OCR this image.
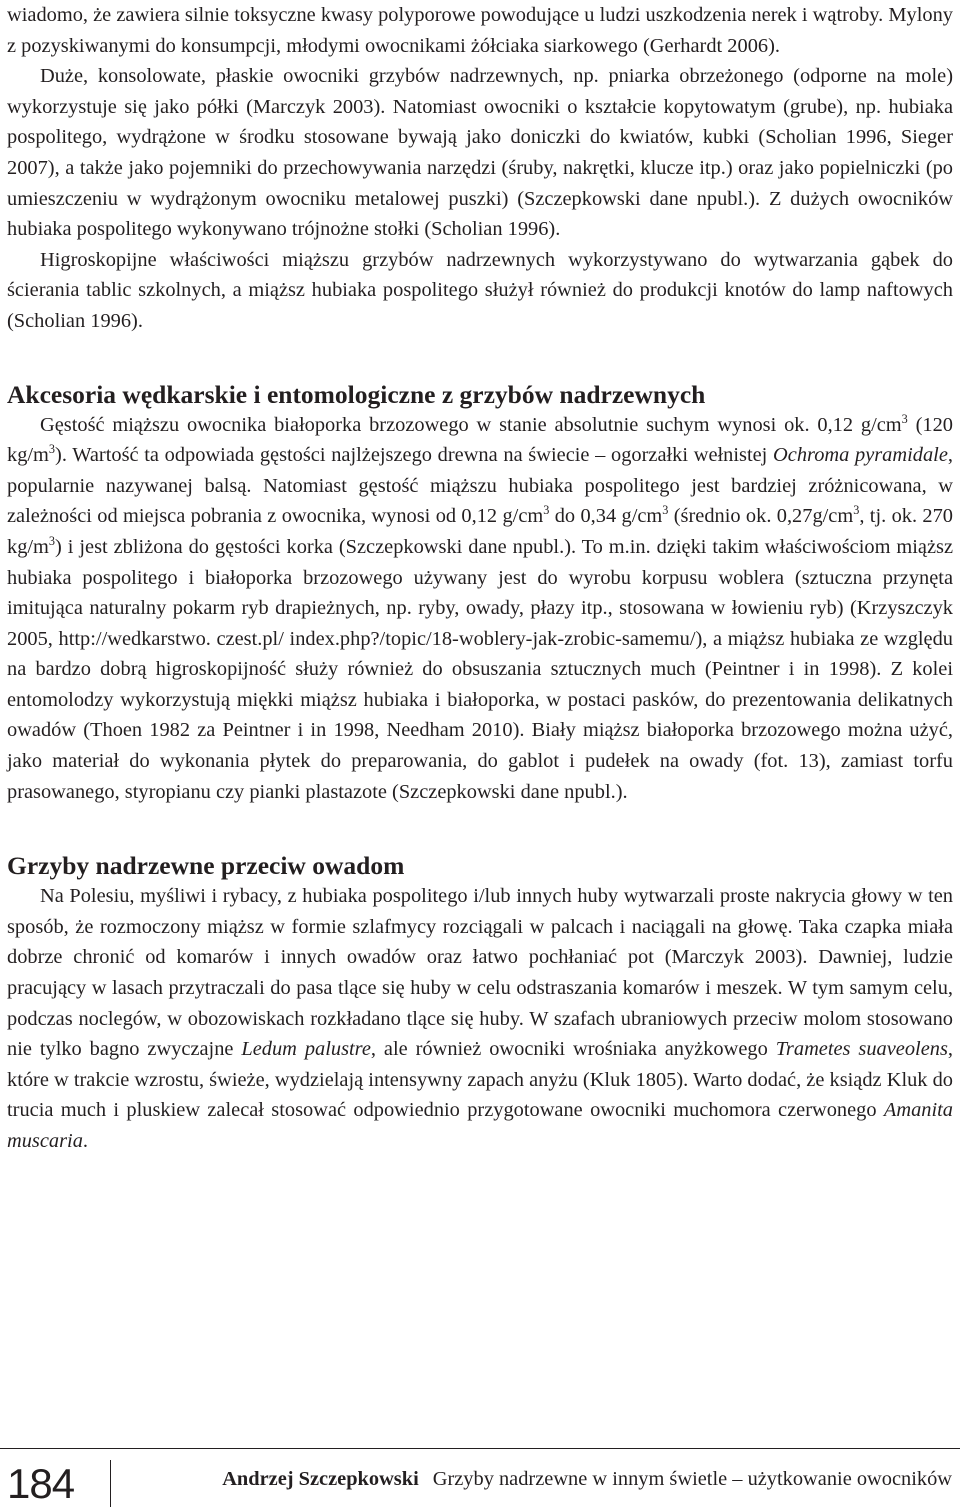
wiadomo, że zawiera silnie toksyczne kwasy polyporowe powodujące u ludzi uszkodzenia nerek i wątroby. Mylony z pozyskiwanymi do konsumpcji, młodymi owocnikami żółciaka siarkowego (Gerhardt 2006).

Duże, konsolowate, płaskie owocniki grzybów nadrzewnych, np. pniarka obrzeżonego (odporne na mole) wykorzystuje się jako półki (Marczyk 2003). Natomiast owocniki o kształcie kopytowatym (grube), np. hubiaka pospolitego, wydrążone w środku stosowane bywają jako doniczki do kwiatów, kubki (Scholian 1996, Sieger 2007), a także jako pojemniki do przechowywania narzędzi (śruby, nakrętki, klucze itp.) oraz jako popielniczki (po umieszczeniu w wydrążonym owocniku metalowej puszki) (Szczepkowski dane npubl.). Z dużych owocników hubiaka pospolitego wykonywano trójnożne stołki (Scholian 1996).

Higroskopijne właściwości miąższu grzybów nadrzewnych wykorzystywano do wytwarzania gąbek do ścierania tablic szkolnych, a miąższ hubiaka pospolitego służył również do produkcji knotów do lamp naftowych (Scholian 1996).

Akcesoria wędkarskie i entomologiczne z grzybów nadrzewnych

Gęstość miąższu owocnika białoporka brzozowego w stanie absolutnie suchym wynosi ok. 0,12 $g/cm^3$ (120 $kg/m^3$). Wartość ta odpowiada gęstości najlżejszego drewna na świecie – ogorzałki wełnistej Ochroma pyramidale, popularnie nazywanej balsą. Natomiast gęstość miąższu hubiaka pospolitego jest bardziej zróżnicowana, w zależności od miejsca pobrania z owocnika, wynosi od 0,12 $g/cm^3$ do 0,34 $g/cm^3$ (średnio ok. $0,27g/cm^3$, tj. ok. 270 $kg/m^3$) i jest zbliżona do gęstości korka (Szczepkowski dane npubl.). To m.in. dzięki takim właściwościom miąższ hubiaka pospolitego i białoporka brzozowego używany jest do wyrobu korpusu woblera (sztuczna przynęta imitująca naturalny pokarm ryb drapieżnych, np. ryby, owady, płazy itp., stosowana w łowieniu ryb) (Krzyszczyk 2005, http://wedkarstwo. czest.pl/ index.php?/topic/18-woblery-jak-zrobic-samemu/), a miąższ hubiaka ze względu na bardzo dobrą higroskopijność służy również do obsuszania sztucznych much (Peintner i in 1998). Z kolei entomolodzy wykorzystują miękki miąższ hubiaka i białoporka, w postaci pasków, do prezentowania delikatnych owadów (Thoen 1982 za Peintner i in 1998, Needham 2010). Biały miąższ białoporka brzozowego można użyć, jako materiał do wykonania płytek do preparowania, do gablot i pudełek na owady (fot. 13), zamiast torfu prasowanego, styropianu czy pianki plastazote (Szczepkowski dane npubl.).

Grzyby nadrzewne przeciw owadom

Na Polesiu, myśliwi i rybacy, z hubiaka pospolitego i/lub innych huby wytwarzali proste nakrycia głowy w ten sposób, że rozmoczony miąższ w formie szlafmycy rozciągali w palcach i naciągali na głowę. Taka czapka miała dobrze chronić od komarów i innych owadów oraz łatwo pochłaniać pot (Marczyk 2003). Dawniej, ludzie pracujący w lasach przytraczali do pasa tlące się huby w celu odstraszania komarów i meszek. W tym samym celu, podczas noclegów, w obozowiskach rozkładano tlące się huby. W szafach ubraniowych przeciw molom stosowano nie tylko bagno zwyczajne Ledum palustre, ale również owocniki wrośniaka anyżkowego Trametes suaveolens, które w trakcie wzrostu, świeże, wydzielają intensywny zapach anyżu (Kluk 1805). Warto dodać, że ksiądz Kluk do trucia much i pluskiew zalecał stosować odpowiednio przygotowane owocniki muchomora czerwonego Amanita muscaria.

184	Andrzej Szczepkowski Grzyby nadrzewne w innym świetle – użytkowanie owocników
